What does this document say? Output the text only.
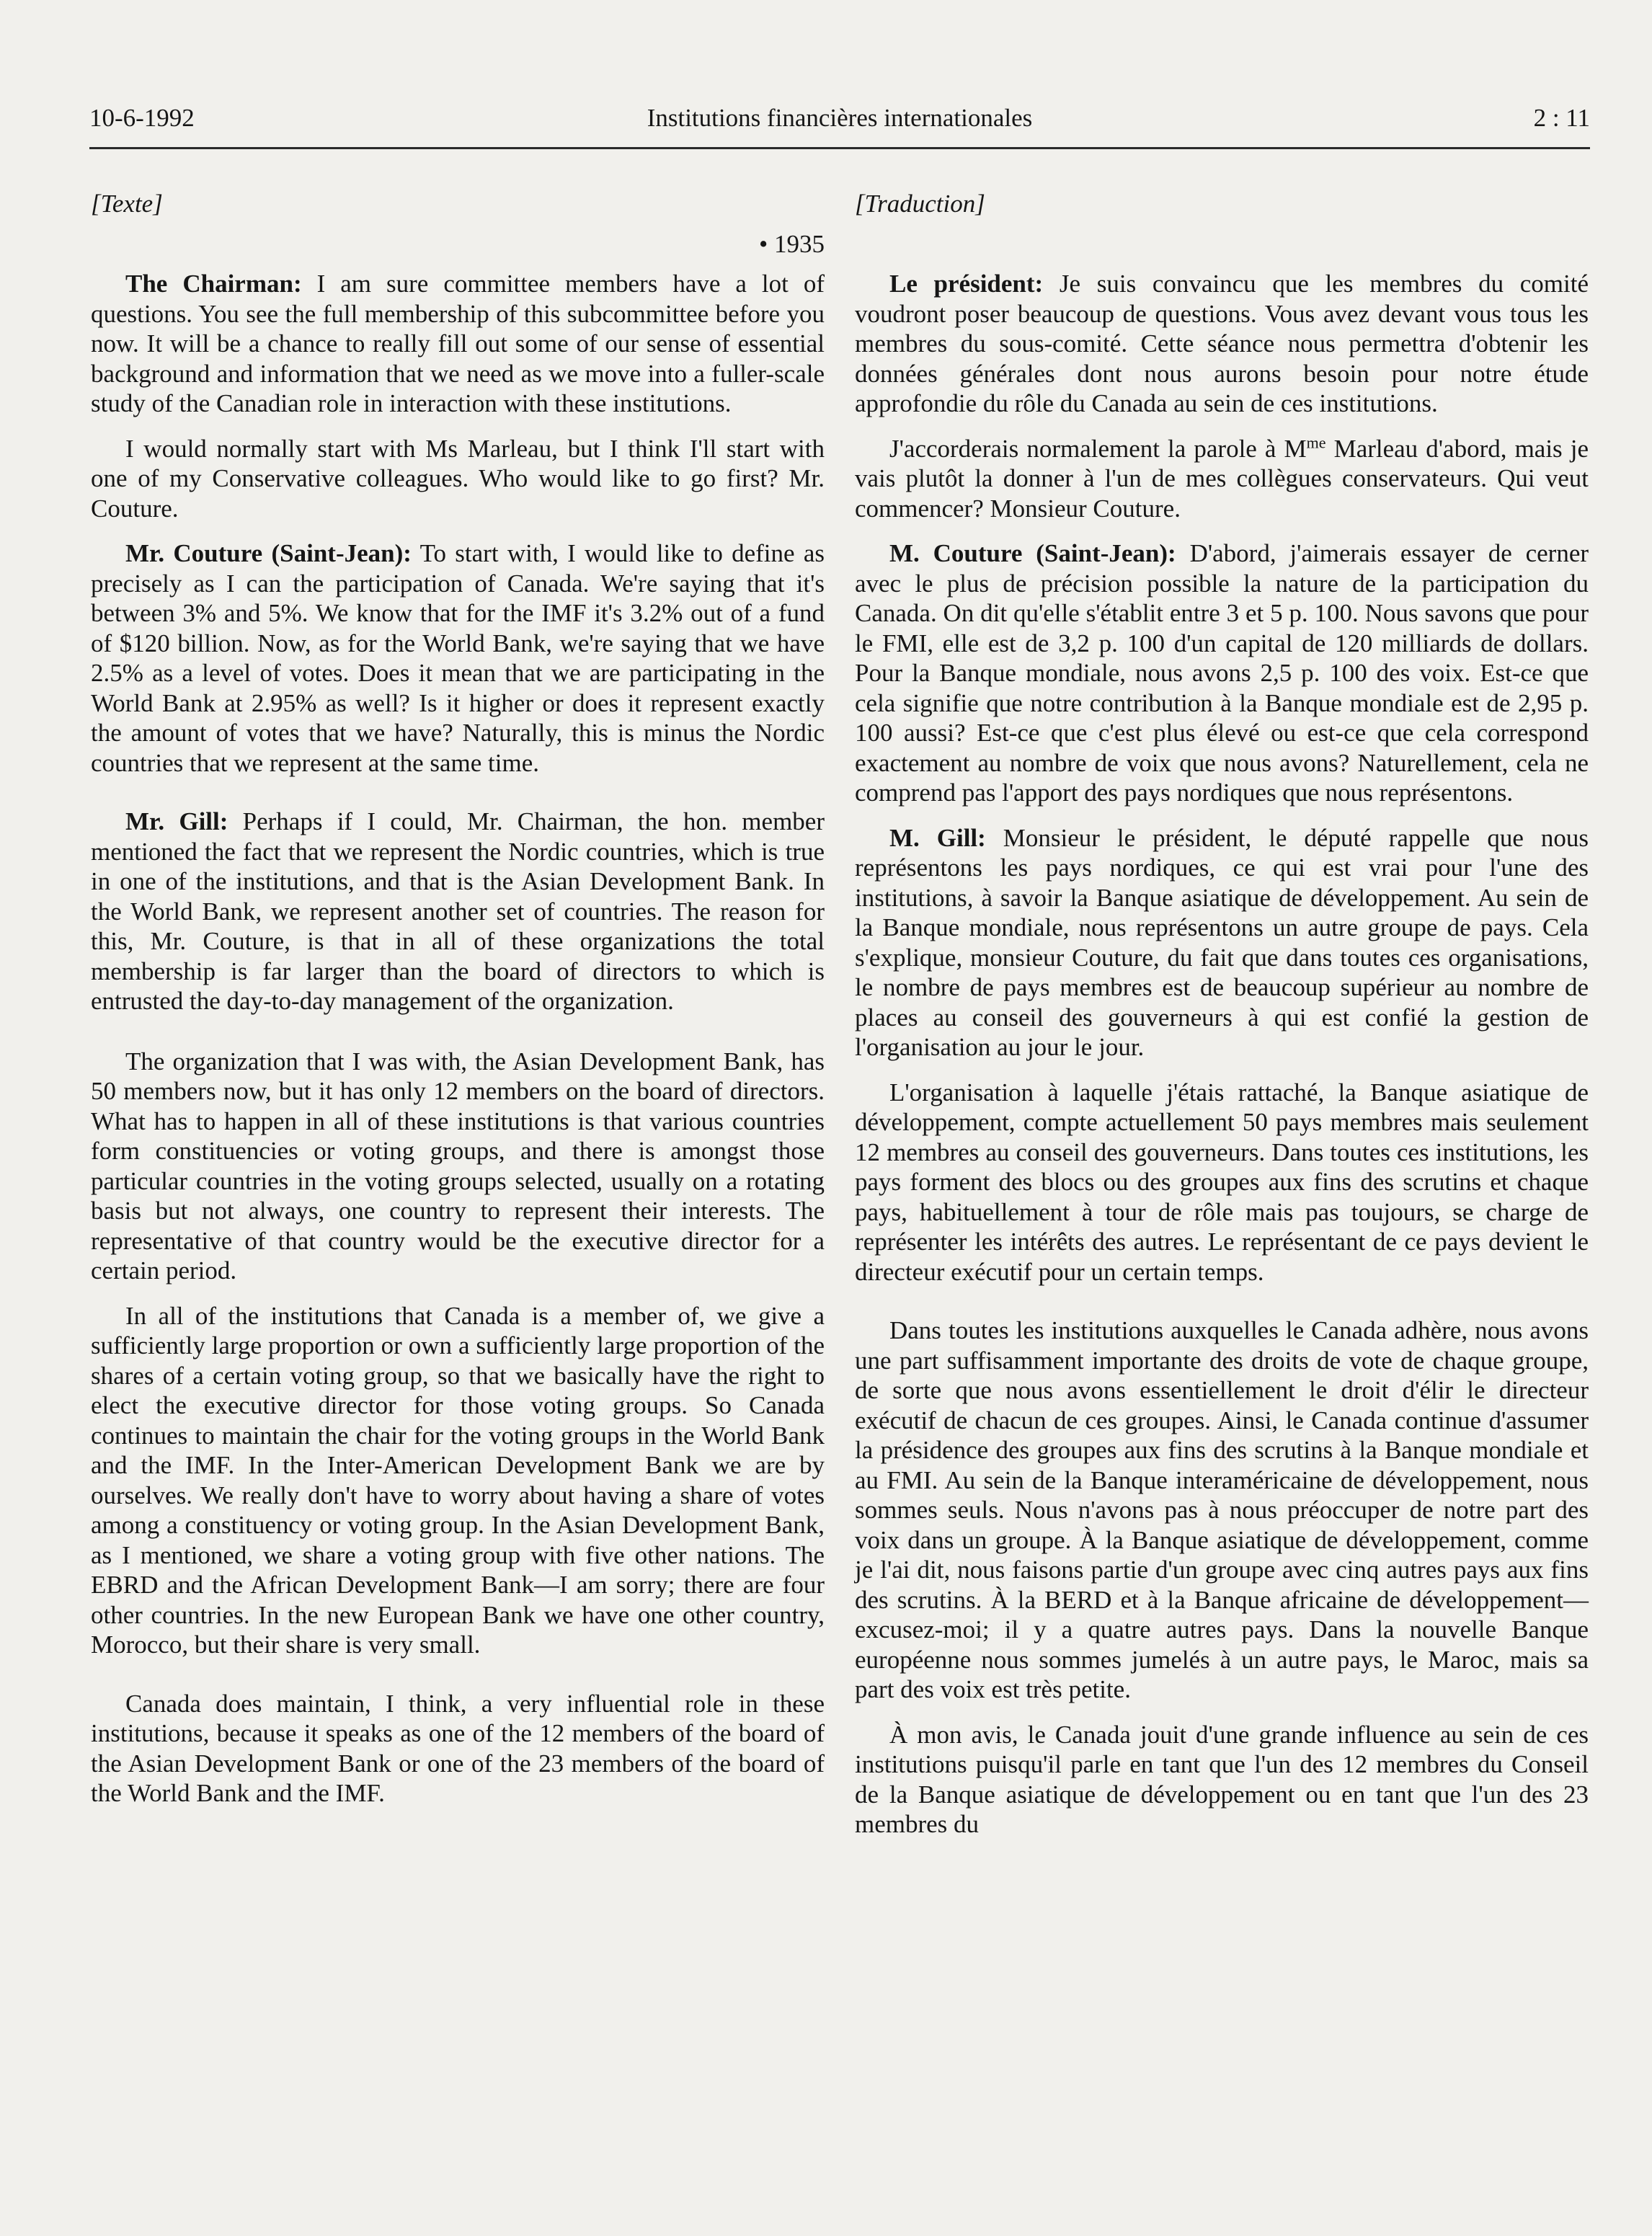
10-6-1992	Institutions financières internationales	2 : 11
[Texte]
• 1935

The Chairman: I am sure committee members have a lot of questions. You see the full membership of this subcommittee before you now. It will be a chance to really fill out some of our sense of essential background and information that we need as we move into a fuller-scale study of the Canadian role in interaction with these institutions.

I would normally start with Ms Marleau, but I think I'll start with one of my Conservative colleagues. Who would like to go first? Mr. Couture.

Mr. Couture (Saint-Jean): To start with, I would like to define as precisely as I can the participation of Canada. We're saying that it's between 3% and 5%. We know that for the IMF it's 3.2% out of a fund of $120 billion. Now, as for the World Bank, we're saying that we have 2.5% as a level of votes. Does it mean that we are participating in the World Bank at 2.95% as well? Is it higher or does it represent exactly the amount of votes that we have? Naturally, this is minus the Nordic countries that we represent at the same time.

Mr. Gill: Perhaps if I could, Mr. Chairman, the hon. member mentioned the fact that we represent the Nordic countries, which is true in one of the institutions, and that is the Asian Development Bank. In the World Bank, we represent another set of countries. The reason for this, Mr. Couture, is that in all of these organizations the total membership is far larger than the board of directors to which is entrusted the day-to-day management of the organization.

The organization that I was with, the Asian Development Bank, has 50 members now, but it has only 12 members on the board of directors. What has to happen in all of these institutions is that various countries form constituencies or voting groups, and there is amongst those particular countries in the voting groups selected, usually on a rotating basis but not always, one country to represent their interests. The representative of that country would be the executive director for a certain period.

In all of the institutions that Canada is a member of, we give a sufficiently large proportion or own a sufficiently large proportion of the shares of a certain voting group, so that we basically have the right to elect the executive director for those voting groups. So Canada continues to maintain the chair for the voting groups in the World Bank and the IMF. In the Inter-American Development Bank we are by ourselves. We really don't have to worry about having a share of votes among a constituency or voting group. In the Asian Development Bank, as I mentioned, we share a voting group with five other nations. The EBRD and the African Development Bank—I am sorry; there are four other countries. In the new European Bank we have one other country, Morocco, but their share is very small.

Canada does maintain, I think, a very influential role in these institutions, because it speaks as one of the 12 members of the board of the Asian Development Bank or one of the 23 members of the board of the World Bank and the IMF.

[Traduction]

Le président: Je suis convaincu que les membres du comité voudront poser beaucoup de questions. Vous avez devant vous tous les membres du sous-comité. Cette séance nous permettra d'obtenir les données générales dont nous aurons besoin pour notre étude approfondie du rôle du Canada au sein de ces institutions.

J'accorderais normalement la parole à $M^{me}$ Marleau d'abord, mais je vais plutôt la donner à l'un de mes collègues conservateurs. Qui veut commencer? Monsieur Couture.

M. Couture (Saint-Jean): D'abord, j'aimerais essayer de cerner avec le plus de précision possible la nature de la participation du Canada. On dit qu'elle s'établit entre 3 et 5 p. 100. Nous savons que pour le FMI, elle est de 3,2 p. 100 d'un capital de 120 milliards de dollars. Pour la Banque mondiale, nous avons 2,5 p. 100 des voix. Est-ce que cela signifie que notre contribution à la Banque mondiale est de 2,95 p. 100 aussi? Est-ce que c'est plus élevé ou est-ce que cela correspond exactement au nombre de voix que nous avons? Naturellement, cela ne comprend pas l'apport des pays nordiques que nous représentons.

M. Gill: Monsieur le président, le député rappelle que nous représentons les pays nordiques, ce qui est vrai pour l'une des institutions, à savoir la Banque asiatique de développement. Au sein de la Banque mondiale, nous représentons un autre groupe de pays. Cela s'explique, monsieur Couture, du fait que dans toutes ces organisations, le nombre de pays membres est de beaucoup supérieur au nombre de places au conseil des gouverneurs à qui est confié la gestion de l'organisation au jour le jour.

L'organisation à laquelle j'étais rattaché, la Banque asiatique de développement, compte actuellement 50 pays membres mais seulement 12 membres au conseil des gouverneurs. Dans toutes ces institutions, les pays forment des blocs ou des groupes aux fins des scrutins et chaque pays, habituellement à tour de rôle mais pas toujours, se charge de représenter les intérêts des autres. Le représentant de ce pays devient le directeur exécutif pour un certain temps.

Dans toutes les institutions auxquelles le Canada adhère, nous avons une part suffisamment importante des droits de vote de chaque groupe, de sorte que nous avons essentiellement le droit d'élir le directeur exécutif de chacun de ces groupes. Ainsi, le Canada continue d'assumer la présidence des groupes aux fins des scrutins à la Banque mondiale et au FMI. Au sein de la Banque interaméricaine de développement, nous sommes seuls. Nous n'avons pas à nous préoccuper de notre part des voix dans un groupe. À la Banque asiatique de développement, comme je l'ai dit, nous faisons partie d'un groupe avec cinq autres pays aux fins des scrutins. À la BERD et à la Banque africaine de développement—excusez-moi; il y a quatre autres pays. Dans la nouvelle Banque européenne nous sommes jumelés à un autre pays, le Maroc, mais sa part des voix est très petite.

À mon avis, le Canada jouit d'une grande influence au sein de ces institutions puisqu'il parle en tant que l'un des 12 membres du Conseil de la Banque asiatique de développement ou en tant que l'un des 23 membres du
